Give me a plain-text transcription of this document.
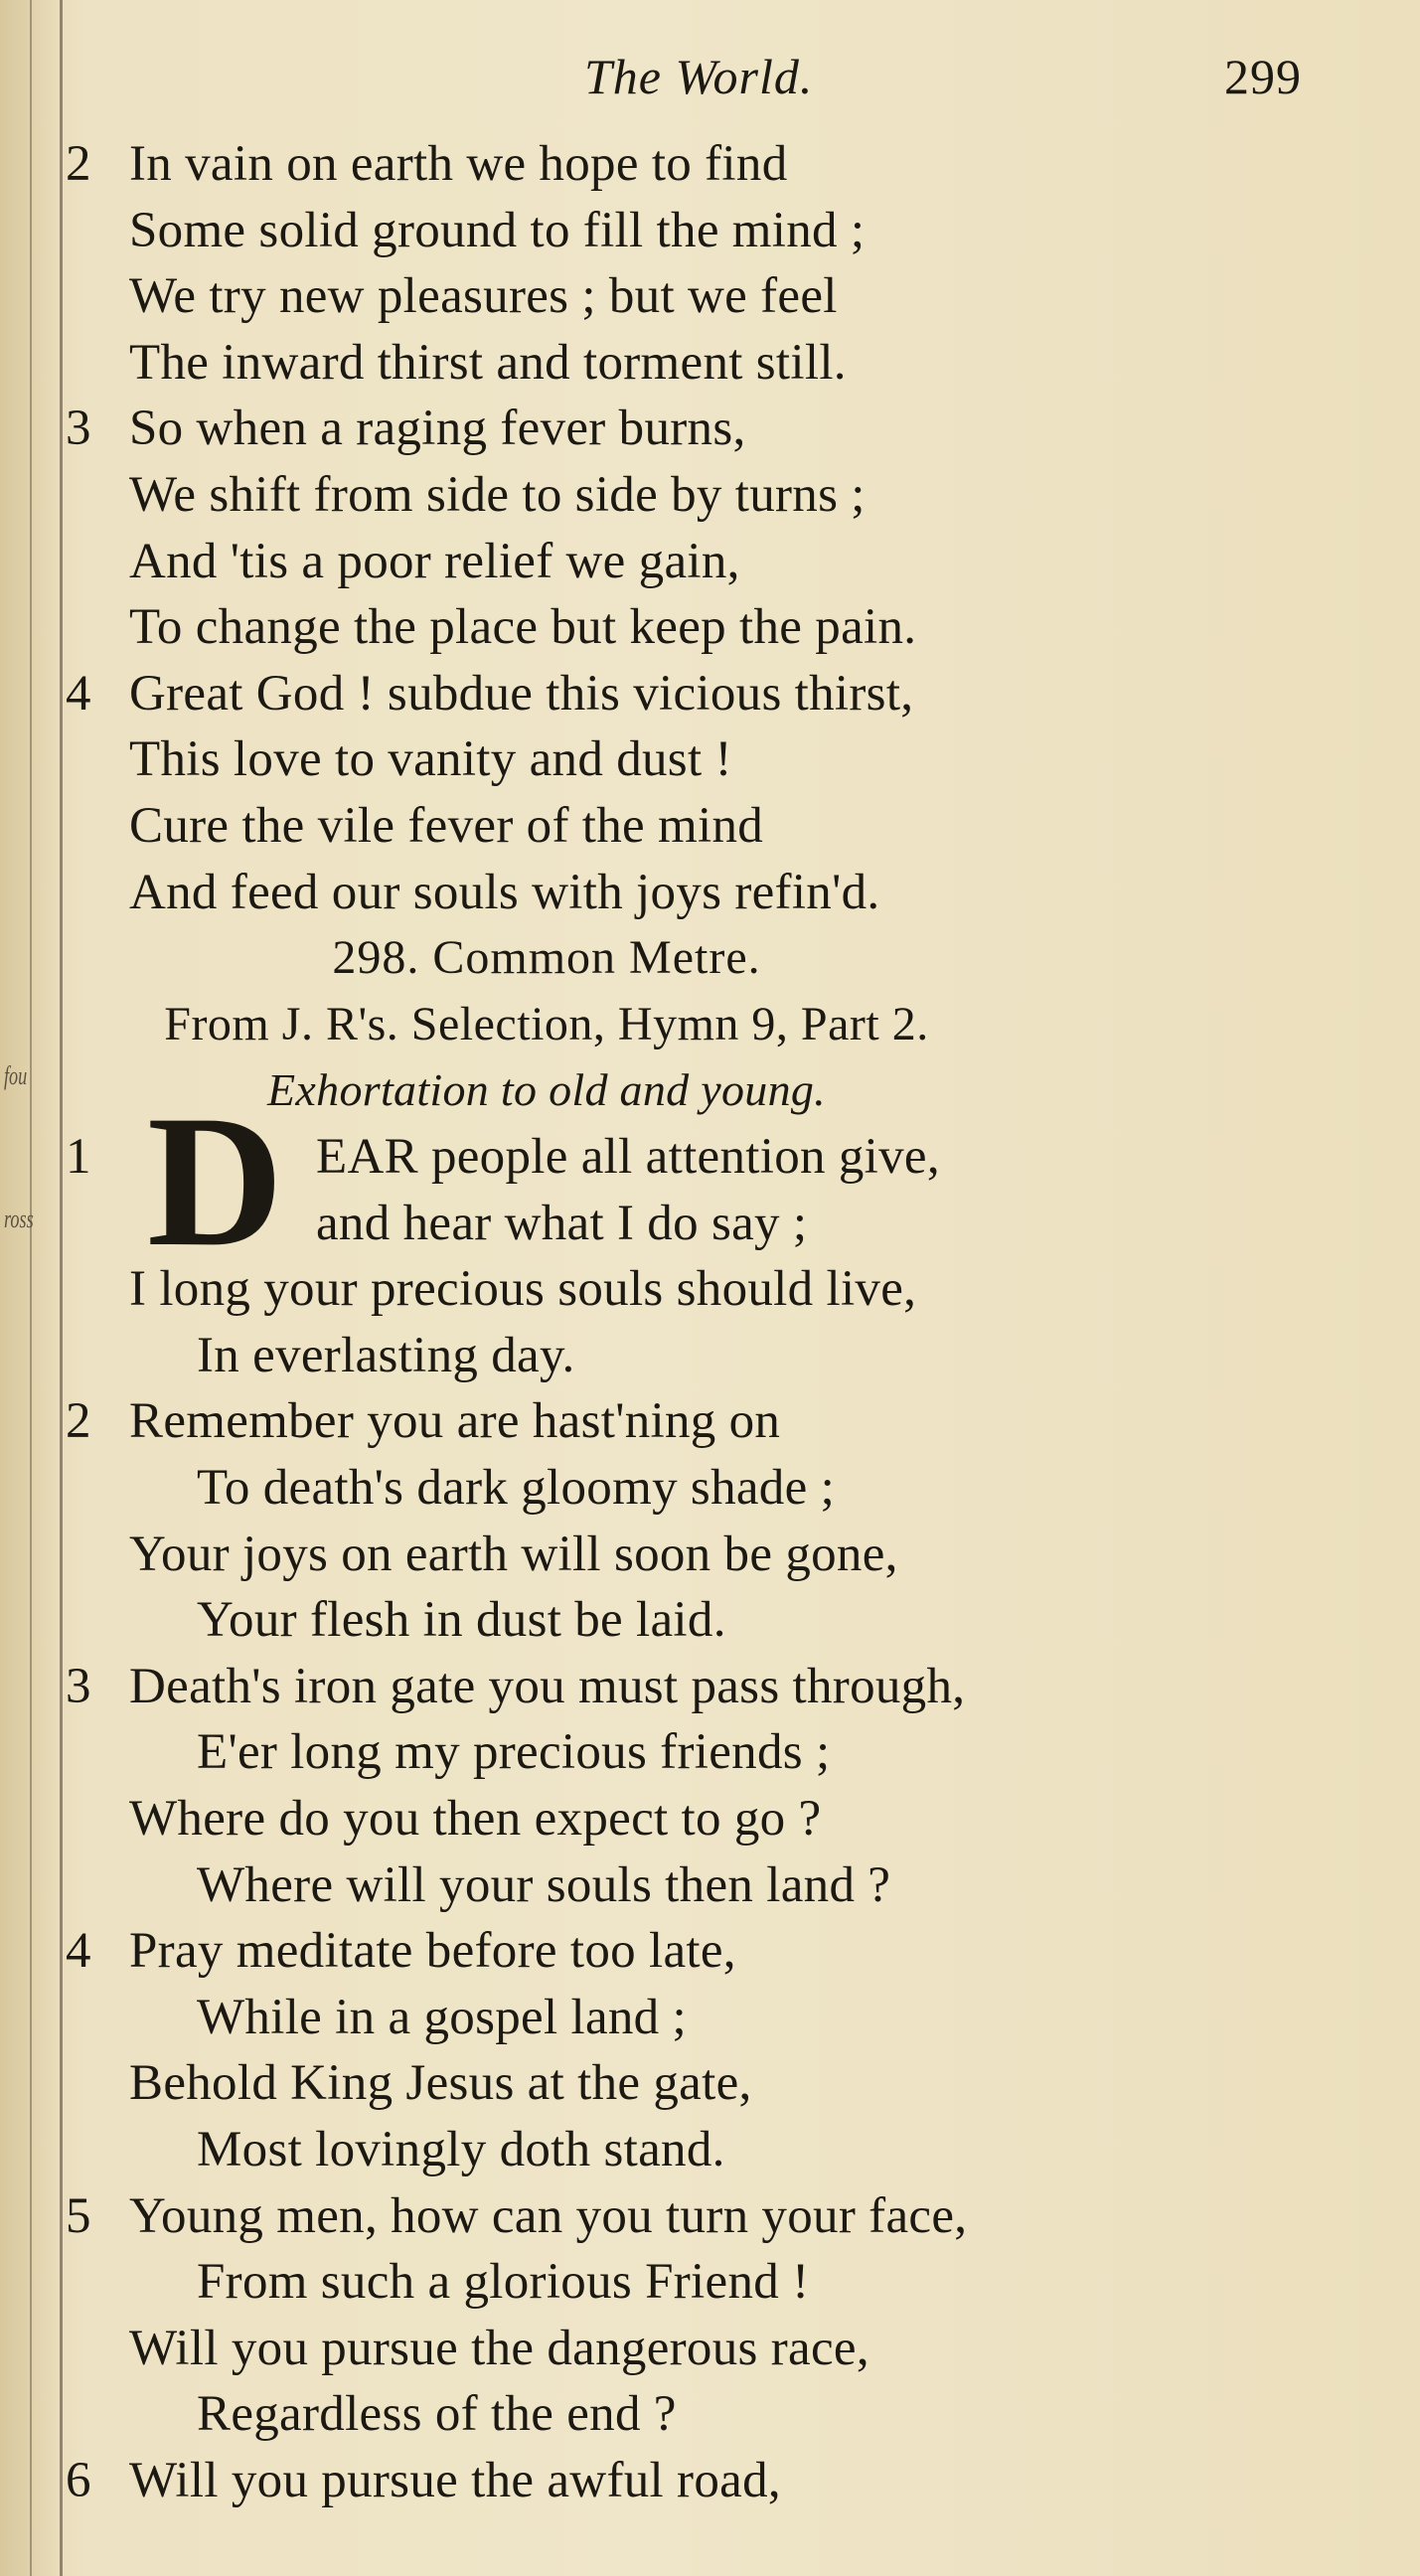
fou
ross
The World.	299
D
2 In vain on earth we hope to find
Some solid ground to fill the mind ;
We try new pleasures ; but we feel
The inward thirst and torment still.
3 So when a raging fever burns,
We shift from side to side by turns ;
And 'tis a poor relief we gain,
To change the place but keep the pain.
4 Great God ! subdue this vicious thirst,
This love to vanity and dust !
Cure the vile fever of the mind
And feed our souls with joys refin'd.
298. Common Metre.
From J. R's. Selection, Hymn 9, Part 2.
Exhortation to old and young.
1	EAR people all attention give,
and hear what I do say ;
I long your precious souls should live,
In everlasting day.
2 Remember you are hast'ning on
To death's dark gloomy shade ;
Your joys on earth will soon be gone,
Your flesh in dust be laid.
3 Death's iron gate you must pass through,
E'er long my precious friends ;
Where do you then expect to go ?
Where will your souls then land ?
4 Pray meditate before too late,
While in a gospel land ;
Behold King Jesus at the gate,
Most lovingly doth stand.
5 Young men, how can you turn your face,
From such a glorious Friend !
Will you pursue the dangerous race,
Regardless of the end ?
6 Will you pursue the awful road,
